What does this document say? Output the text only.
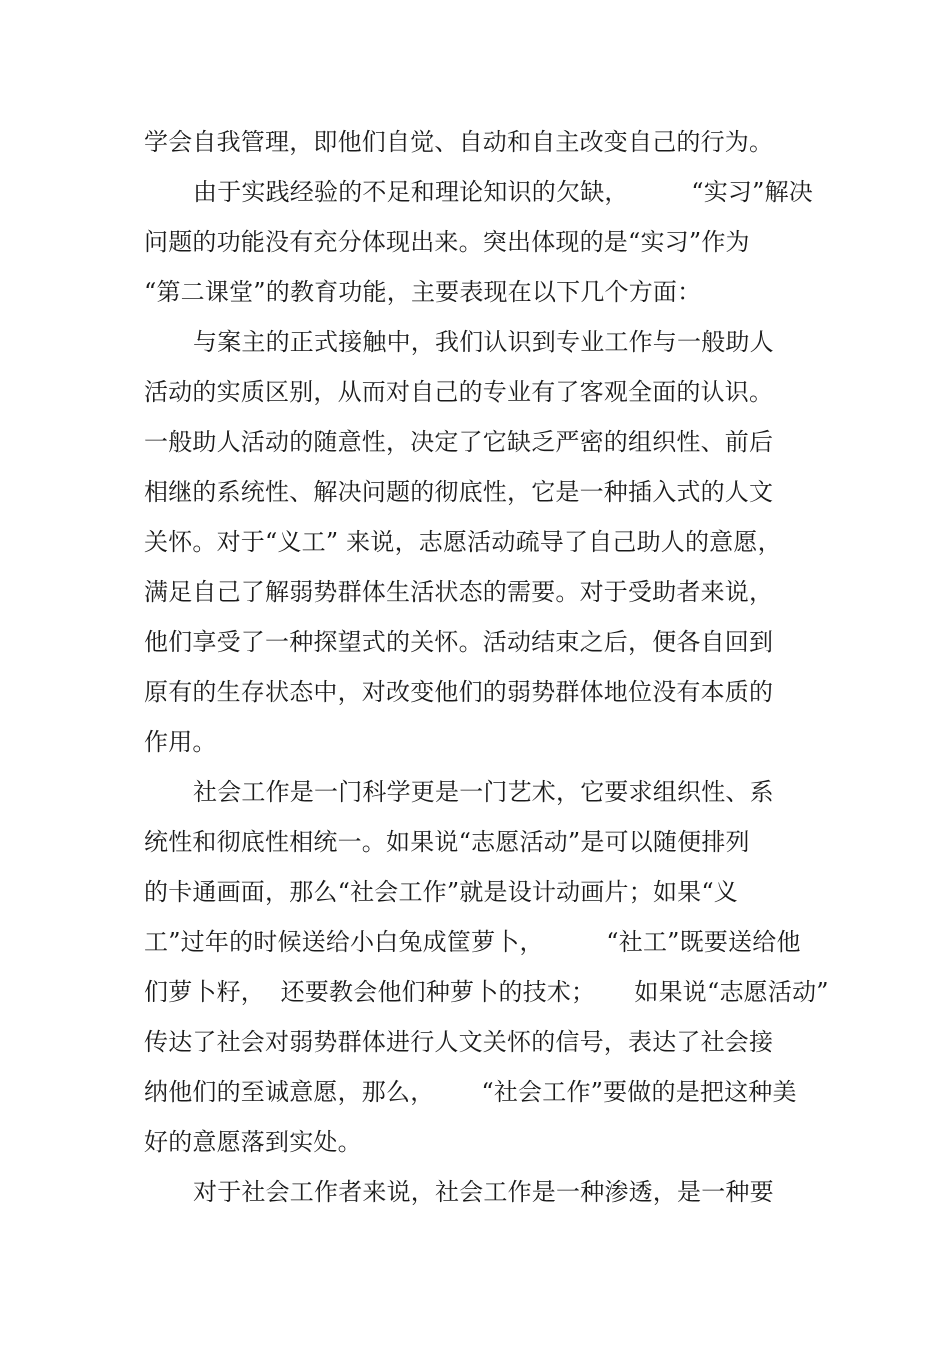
学会自我管理，即他们自觉、自动和自主改变自己的行为。

由于实践经验的不足和理论知识的欠缺，        “实习”解决

问题的功能没有充分体现出来。突出体现的是“实习”作为

“第二课堂”的教育功能，主要表现在以下几个方面：

与案主的正式接触中，我们认识到专业工作与一般助人

活动的实质区别，从而对自己的专业有了客观全面的认识。

一般助人活动的随意性，决定了它缺乏严密的组织性、前后

相继的系统性、解决问题的彻底性，它是一种插入式的人文

关怀。对于“义工” 来说，志愿活动疏导了自己助人的意愿，

满足自己了解弱势群体生活状态的需要。对于受助者来说，

他们享受了一种探望式的关怀。活动结束之后，便各自回到

原有的生存状态中，对改变他们的弱势群体地位没有本质的

作用。

社会工作是一门科学更是一门艺术，它要求组织性、系

统性和彻底性相统一。如果说“志愿活动”是可以随便排列

的卡通画面，那么“社会工作”就是设计动画片；如果“义

工”过年的时候送给小白兔成筐萝卜，        “社工”既要送给他

们萝卜籽，  还要教会他们种萝卜的技术；     如果说“志愿活动”

传达了社会对弱势群体进行人文关怀的信号，表达了社会接

纳他们的至诚意愿，那么，      “社会工作”要做的是把这种美

好的意愿落到实处。

对于社会工作者来说，社会工作是一种渗透，是一种要
